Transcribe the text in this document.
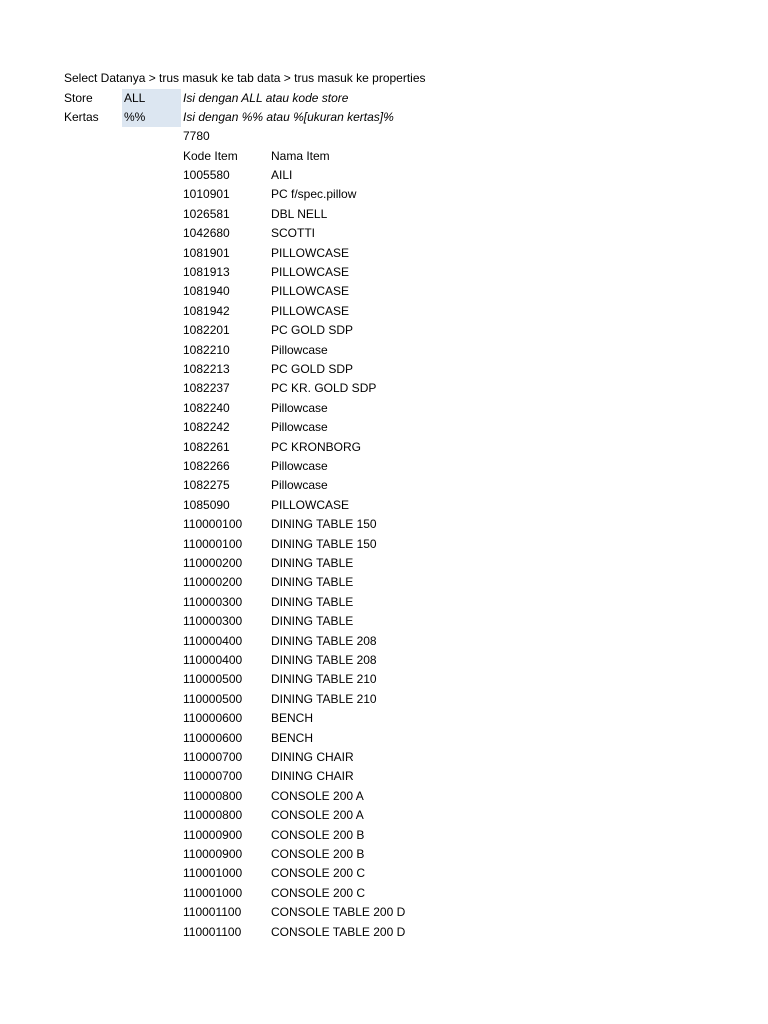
Select Datanya > trus masuk ke tab data > trus masuk ke properties
Store	ALL	Isi dengan ALL atau kode store
Kertas %%	Isi dengan %% atau %[ukuran kertas]%
7780
Kode Item	Nama Item
1005580	AILI
1010901	PC f/spec.pillow
1026581	DBL NELL
1042680	SCOTTI
1081901	PILLOWCASE
1081913	PILLOWCASE
1081940	PILLOWCASE
1081942	PILLOWCASE
1082201	PC GOLD SDP
1082210	Pillowcase
1082213	PC GOLD SDP
1082237	PC KR. GOLD SDP
1082240	Pillowcase
1082242	Pillowcase
1082261	PC KRONBORG
1082266	Pillowcase
1082275	Pillowcase
1085090	PILLOWCASE
110000100 DINING TABLE 150
110000100 DINING TABLE 150
110000200 DINING TABLE
110000200 DINING TABLE
110000300 DINING TABLE
110000300 DINING TABLE
110000400 DINING TABLE 208
110000400 DINING TABLE 208
110000500 DINING TABLE 210
110000500 DINING TABLE 210
110000600 BENCH
110000600 BENCH
110000700 DINING CHAIR
110000700 DINING CHAIR
110000800 CONSOLE 200 A
110000800 CONSOLE 200 A
110000900 CONSOLE 200 B
110000900 CONSOLE 200 B
110001000 CONSOLE 200 C
110001000 CONSOLE 200 C
110001100 CONSOLE TABLE 200 D
110001100 CONSOLE TABLE 200 D
